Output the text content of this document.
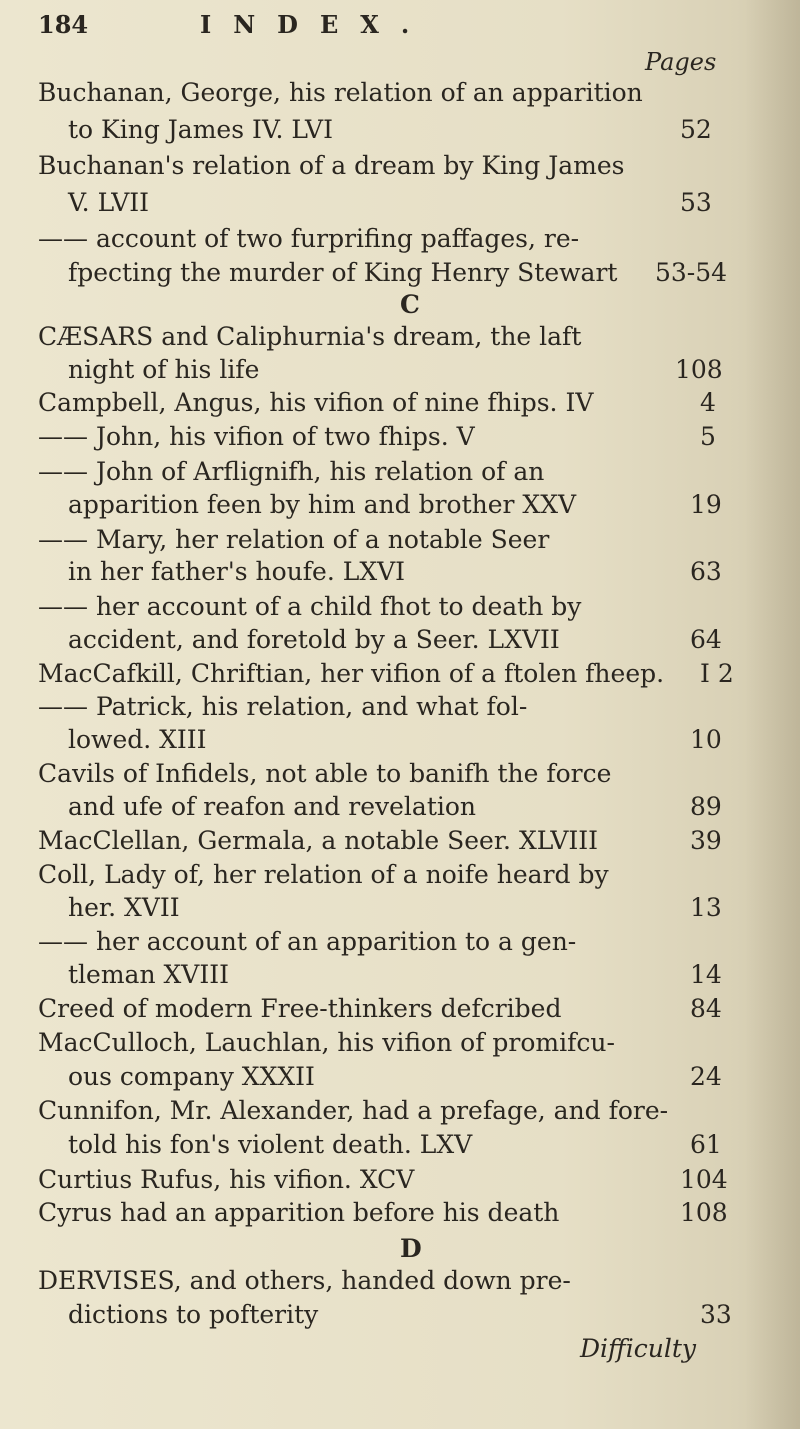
184	INDEX.
Pages
Buchanan, George, his relation of an apparition
to King James IV. LVI	52
Buchanan's relation of a dream by King James
V. LVII	53
—— account of two furprifing paffages, re-
fpecting the murder of King Henry Stewart 53-54
C
CÆSARS and Caliphurnia's dream, the laft
night of his life	108
Campbell, Angus, his vifion of nine fhips. IV	4
—— John, his vifion of two fhips. V	5
—— John of Arflignifh, his relation of an
apparition feen by him and brother XXV	19
—— Mary, her relation of a notable Seer
in her father's houfe. LXVI	63
—— her account of a child fhot to death by
accident, and foretold by a Seer. LXVII	64
MacCafkill, Chriftian, her vifion of a ftolen fheep. I 2
—— Patrick, his relation, and what fol-
lowed. XIII	10
Cavils of Infidels, not able to banifh the force
and ufe of reafon and revelation	89
MacClellan, Germala, a notable Seer. XLVIII	39
Coll, Lady of, her relation of a noife heard by
her. XVII	13
—— her account of an apparition to a gen-
tleman XVIII	14
Creed of modern Free-thinkers defcribed	84
MacCulloch, Lauchlan, his vifion of promifcu-
ous company XXXII	24
Cunnifon, Mr. Alexander, had a prefage, and fore-
told his fon's violent death. LXV	61
Curtius Rufus, his vifion. XCV	104
Cyrus had an apparition before his death	108
D
DERVISES, and others, handed down pre-
dictions to pofterity	33
Difficulty
